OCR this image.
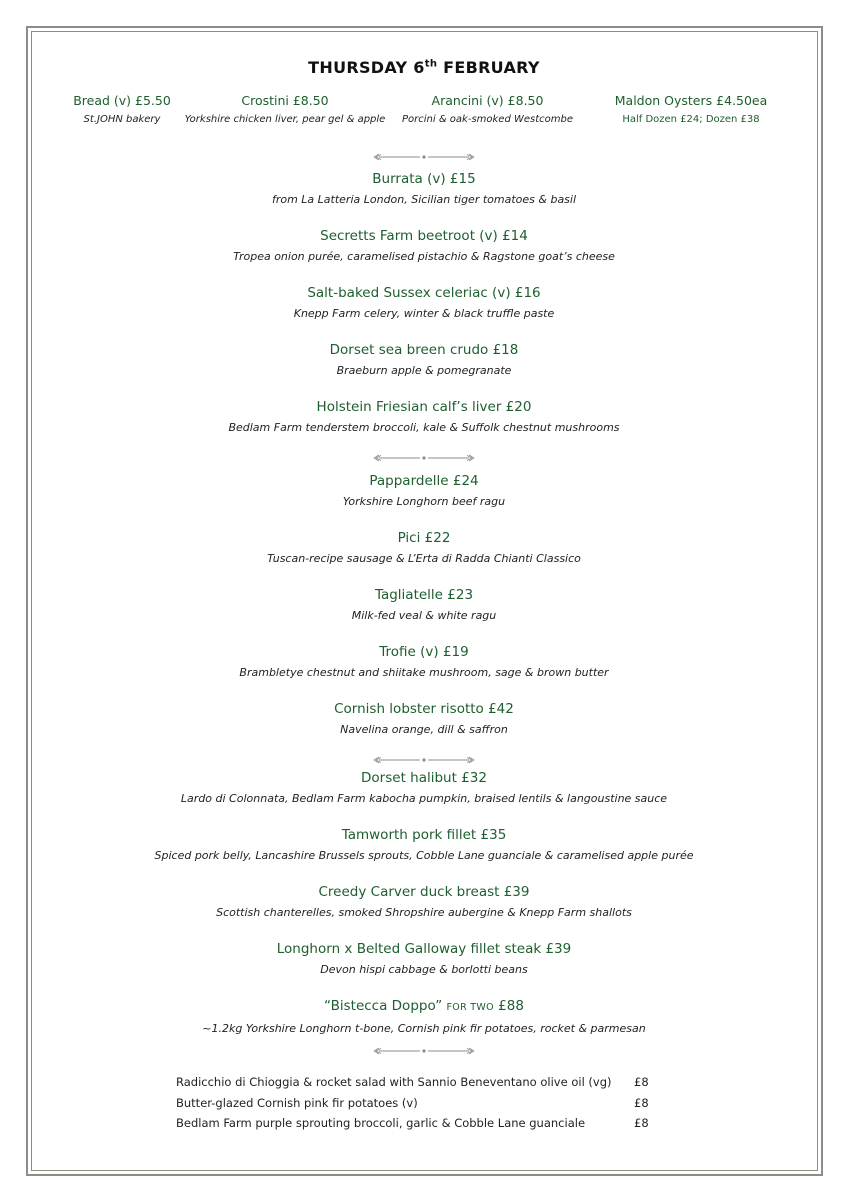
THURSDAY 6th FEBRUARY
Bread (v) £5.50
St.JOHN bakery
Crostini £8.50
Yorkshire chicken liver, pear gel & apple
Arancini (v) £8.50
Porcini & oak-smoked Westcombe
Maldon Oysters £4.50ea
Half Dozen £24; Dozen £38
Burrata (v) £15
from La Latteria London, Sicilian tiger tomatoes & basil
Secretts Farm beetroot (v) £14
Tropea onion purée, caramelised pistachio & Ragstone goat’s cheese
Salt-baked Sussex celeriac (v) £16
Knepp Farm celery, winter & black truffle paste
Dorset sea breen crudo £18
Braeburn apple & pomegranate
Holstein Friesian calf’s liver £20
Bedlam Farm tenderstem broccoli, kale & Suffolk chestnut mushrooms
Pappardelle £24
Yorkshire Longhorn beef ragu
Pici £22
Tuscan-recipe sausage & L’Erta di Radda Chianti Classico
Tagliatelle £23
Milk-fed veal & white ragu
Trofie (v) £19
Brambletye chestnut and shiitake mushroom, sage & brown butter
Cornish lobster risotto £42
Navelina orange, dill & saffron
Dorset halibut £32
Lardo di Colonnata, Bedlam Farm kabocha pumpkin, braised lentils & langoustine sauce
Tamworth pork fillet £35
Spiced pork belly, Lancashire Brussels sprouts, Cobble Lane guanciale & caramelised apple purée
Creedy Carver duck breast £39
Scottish chanterelles, smoked Shropshire aubergine & Knepp Farm shallots
Longhorn x Belted Galloway fillet steak £39
Devon hispi cabbage & borlotti beans
“Bistecca Doppo” FOR TWO £88
~1.2kg Yorkshire Longhorn t-bone, Cornish pink fir potatoes, rocket & parmesan
Radicchio di Chioggia & rocket salad with Sannio Beneventano olive oil (vg)	£8
Butter-glazed Cornish pink fir potatoes (v)	£8
Bedlam Farm purple sprouting broccoli, garlic & Cobble Lane guanciale	£8
